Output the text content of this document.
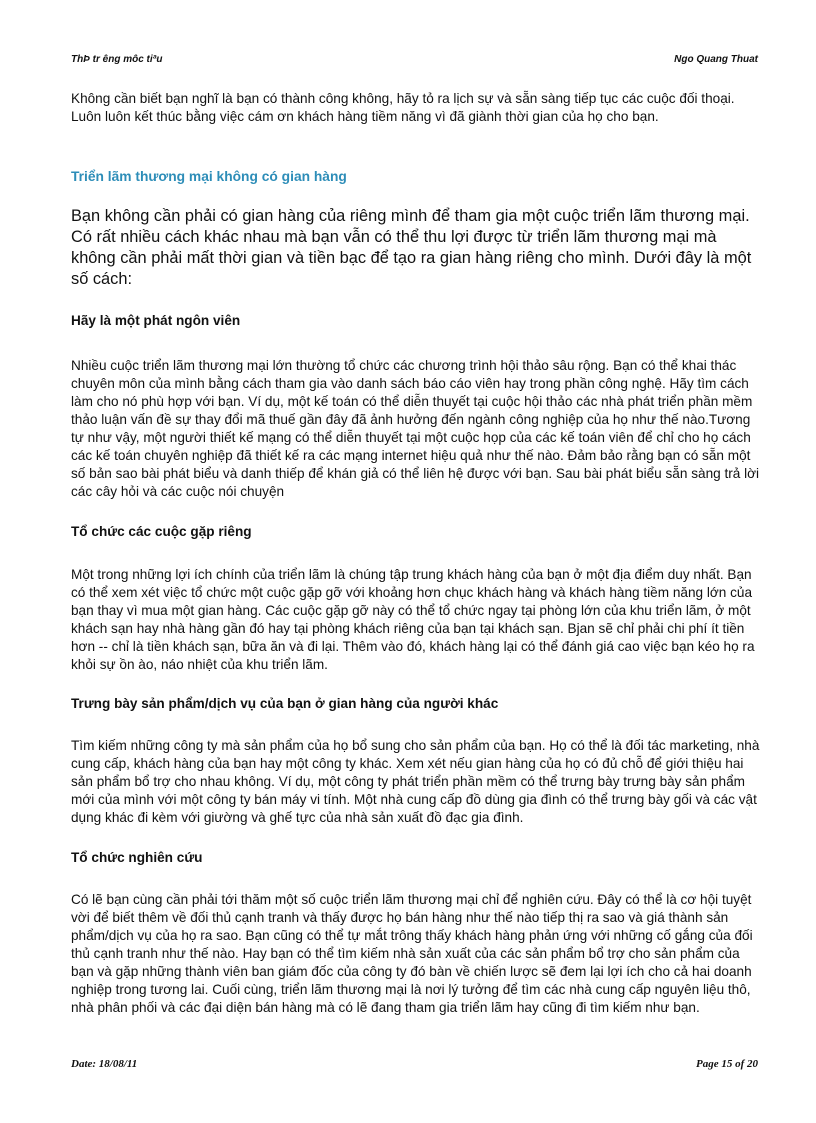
ThÞ tr êng môc tiªu	Ngo Quang Thuat

Không cần biết bạn nghĩ là bạn có thành công không, hãy tỏ ra lịch sự và sẵn sàng tiếp tục các cuộc đối thoại. Luôn luôn kết thúc bằng việc cám ơn khách hàng tiềm năng vì đã giành thời gian của họ cho bạn.

Triển lãm thương mại không có gian hàng

Bạn không cần phải có gian hàng của riêng mình để tham gia một cuộc triển lãm thương mại. Có rất nhiều cách khác nhau mà bạn vẫn có thể thu lợi được từ triển lãm thương mại mà không cần phải mất thời gian và tiền bạc để tạo ra gian hàng riêng cho mình. Dưới đây là một số cách:

Hãy là một phát ngôn viên

Nhiều cuộc triển lãm thương mại lớn thường tổ chức các chương trình hội thảo sâu rộng. Bạn có thể khai thác chuyên môn của mình bằng cách tham gia vào danh sách báo cáo viên hay trong phần công nghệ. Hãy tìm cách làm cho nó phù hợp với bạn. Ví dụ, một kế toán có thể diễn thuyết tại cuộc hội thảo các nhà phát triển phần mềm thảo luận vấn đề sự thay đổi mã thuế gần đây đã ảnh hưởng đến ngành công nghiệp của họ như thế nào.Tương tự như vậy, một người thiết kế mạng có thể diễn thuyết tại một cuộc họp của các kế toán viên để chỉ cho họ cách các kế toán chuyên nghiệp đã thiết kế ra các mạng internet hiệu quả như thế nào. Đảm bảo rằng bạn có sẵn một số bản sao bài phát biểu và danh thiếp để khán giả có thể liên hệ được với bạn. Sau bài phát biểu sẵn sàng trả lời các cây hỏi và các cuộc nói chuyện

Tổ chức các cuộc gặp riêng

Một trong những lợi ích chính của triển lãm là chúng tập trung khách hàng của bạn ở một địa điểm duy nhất. Bạn có thể xem xét việc tổ chức một cuộc gặp gỡ với khoảng hơn chục khách hàng và khách hàng tiềm năng lớn của bạn thay vì mua một gian hàng. Các cuộc gặp gỡ này có thể tổ chức ngay tại phòng lớn của khu triển lãm, ở một khách sạn hay nhà hàng gần đó hay tại phòng khách riêng của bạn tại khách sạn. Bjan sẽ chỉ phải chi phí ít tiền hơn -- chỉ là tiền khách sạn, bữa ăn và đi lại. Thêm vào đó, khách hàng lại có thể đánh giá cao việc bạn kéo họ ra khỏi sự ồn ào, náo nhiệt của khu triển lãm.

Trưng bày sản phẩm/dịch vụ của bạn ở gian hàng của người khác

Tìm kiếm những công ty mà sản phẩm của họ bổ sung cho sản phẩm của bạn. Họ có thể là đối tác marketing, nhà cung cấp, khách hàng của bạn hay một công ty khác. Xem xét nếu gian hàng của họ có đủ chỗ để giới thiệu hai sản phẩm bổ trợ cho nhau không. Ví dụ, một công ty phát triển phần mềm có thể trưng bày trưng bày sản phẩm mới của mình với một công ty bán máy vi tính. Một nhà cung cấp đồ dùng gia đình có thể trưng bày gối và các vật dụng khác đi kèm với giường và ghế tực của nhà sản xuất đồ đạc gia đình.

Tổ chức nghiên cứu

Có lẽ bạn cùng cần phải tới thăm một số cuộc triển lãm thương mại chỉ để nghiên cứu. Đây có thể là cơ hội tuyệt vời để biết thêm về đối thủ cạnh tranh và thấy được họ bán hàng như thế nào tiếp thị ra sao và giá thành sản phẩm/dịch vụ của họ ra sao. Bạn cũng có thể tự mắt trông thấy khách hàng phản ứng với những cố gắng của đối thủ cạnh tranh như thế nào. Hay bạn có thể tìm kiếm nhà sản xuất của các sản phẩm bổ trợ cho sản phẩm của bạn và gặp những thành viên ban giám đốc của công ty đó bàn về chiến lược sẽ đem lại lợi ích cho cả hai doanh nghiệp trong tương lai. Cuối cùng, triển lãm thương mại là nơi lý tưởng để tìm các nhà cung cấp nguyên liệu thô, nhà phân phối và các đại diện bán hàng mà có lẽ đang tham gia triển lãm hay cũng đi tìm kiếm như bạn.

Date: 18/08/11	Page 15 of 20
